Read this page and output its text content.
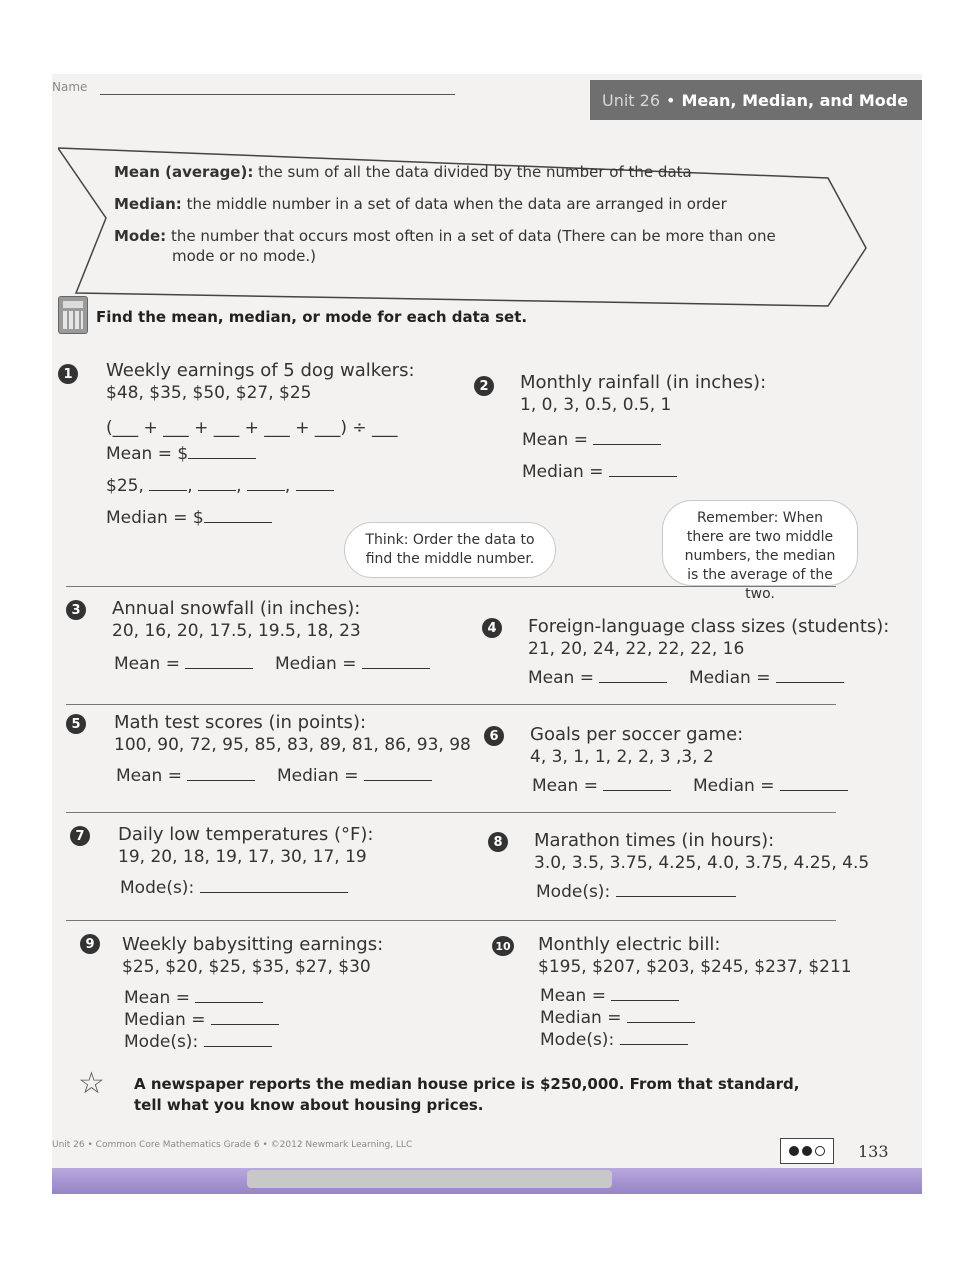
Name
Unit 26 • Mean, Median, and Mode
Mean (average): the sum of all the data divided by the number of the data
Median: the middle number in a set of data when the data are arranged in order
Mode: the number that occurs most often in a set of data (There can be more than one
mode or no mode.)
Find the mean, median, or mode for each data set.
1	Weekly earnings of 5 dog walkers:
$48, $35, $50, $27, $25
(___ + ___ + ___ + ___ + ___) ÷ ___
Mean = $
$25,	, , ,
Median = $
2	Monthly rainfall (in inches):
1, 0, 3, 0.5, 0.5, 1
Mean =
Median =
Think: Order the data to find the middle number.
Remember: When there are two middle numbers, the median is the average of the two.
3	Annual snowfall (in inches):
20, 16, 20, 17.5, 19.5, 18, 23
Mean =	Median =
4	Foreign-language class sizes (students):
21, 20, 24, 22, 22, 22, 16
Mean =	Median =
5	Math test scores (in points):
100, 90, 72, 95, 85, 83, 89, 81, 86, 93, 98
Mean =	Median =
6	Goals per soccer game:
4, 3, 1, 1, 2, 2, 3 ,3, 2
Mean =	Median =
7	Daily low temperatures (°F):
19, 20, 18, 19, 17, 30, 17, 19
Mode(s):
8	Marathon times (in hours):
3.0, 3.5, 3.75, 4.25, 4.0, 3.75, 4.25, 4.5
Mode(s):
9	Weekly babysitting earnings:
$25, $20, $25, $35, $27, $30
Mean =
Median =
Mode(s):
10 Monthly electric bill:
$195, $207, $203, $245, $237, $211
Mean =
Median =
Mode(s):
☆ A newspaper reports the median house price is $250,000. From that standard, tell what you know about housing prices.
Unit 26 • Common Core Mathematics Grade 6 • ©2012 Newmark Learning, LLC	133
